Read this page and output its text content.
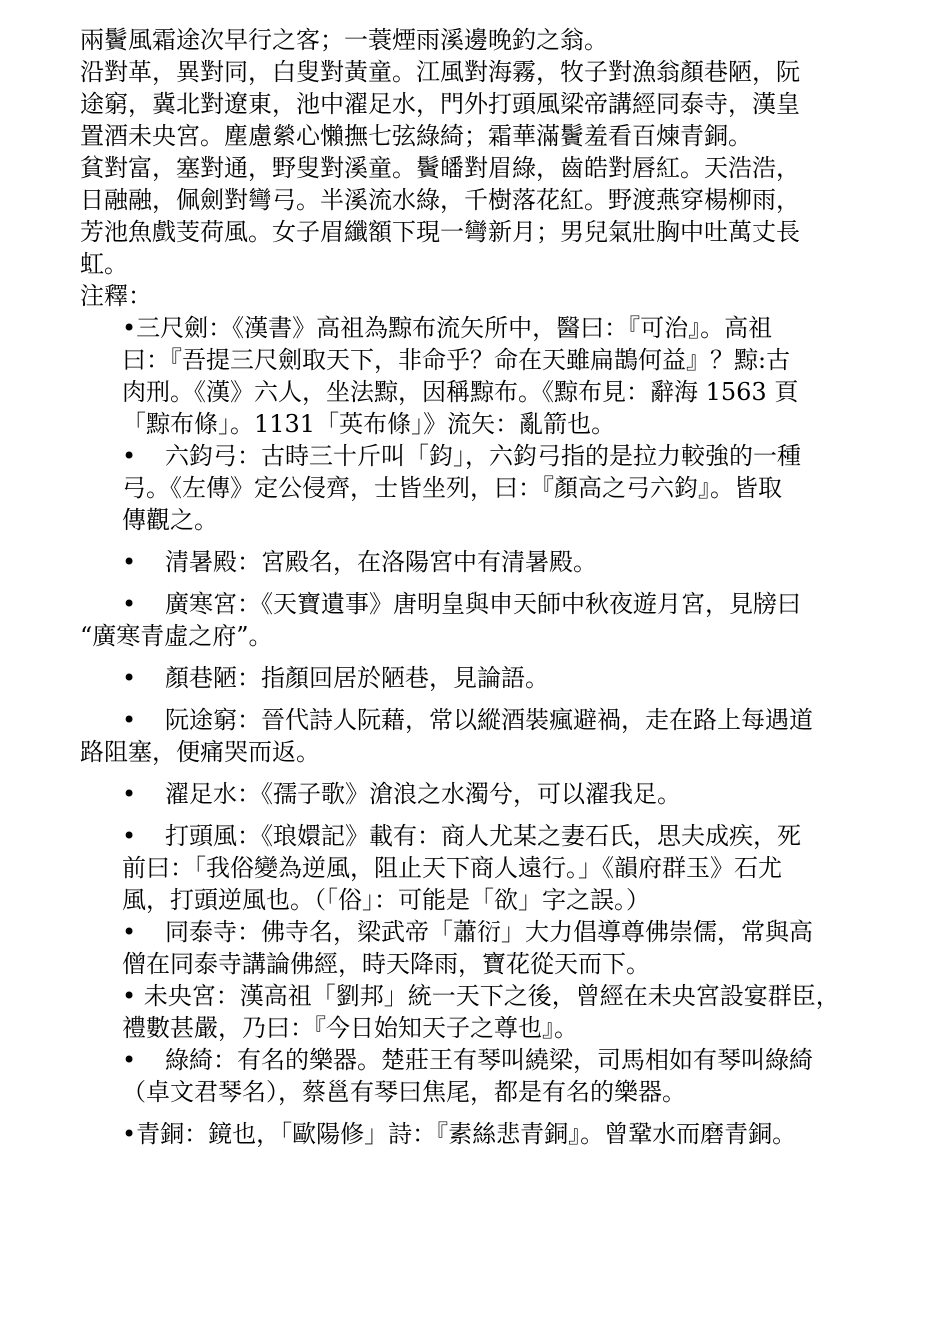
兩鬢風霜途次早行之客；一蓑煙雨溪邊晚釣之翁。
沿對革，異對同，白叟對黃童。江風對海霧，牧子對漁翁顏巷陋，阮
途窮，冀北對遼東，池中濯足水，門外打頭風梁帝講經同泰寺，漢皇
置酒未央宮。塵慮縈心懶撫七弦綠綺；霜華滿鬢羞看百煉青銅。
貧對富，塞對通，野叟對溪童。鬢皤對眉綠，齒皓對唇紅。天浩浩，
日融融，佩劍對彎弓。半溪流水綠，千樹落花紅。野渡燕穿楊柳雨，
芳池魚戲芰荷風。女子眉纖額下現一彎新月；男兒氣壯胸中吐萬丈長
虹。
注釋：
•三尺劍：《漢書》高祖為黥布流矢所中，醫曰：『可治』。高祖
曰：『吾提三尺劍取天下，非命乎？命在天雖扁鵲何益』？黥:古
肉刑。《漢》六人，坐法黥，因稱黥布。《黥布見：辭海 1563 頁
「黥布條」。1131「英布條」》流矢：亂箭也。
• 六鈞弓：古時三十斤叫「鈞」，六鈞弓指的是拉力較強的一種
弓。《左傳》定公侵齊，士皆坐列，曰：『顏高之弓六鈞』。皆取
傳觀之。
• 清暑殿：宮殿名，在洛陽宮中有清暑殿。
• 廣寒宮：《天寶遺事》唐明皇與申天師中秋夜遊月宮，見牓曰
“廣寒青虛之府”。
• 顏巷陋：指顏回居於陋巷，見論語。
• 阮途窮：晉代詩人阮藉，常以縱酒裝瘋避禍，走在路上每遇道
路阻塞，便痛哭而返。
• 濯足水：《孺子歌》滄浪之水濁兮，可以濯我足。
• 打頭風：《琅嬛記》載有：商人尤某之妻石氏，思夫成疾，死
前曰：「我俗變為逆風，阻止天下商人遠行。」《韻府群玉》石尤
風，打頭逆風也。（「俗」：可能是「欲」字之誤。）
• 同泰寺：佛寺名，梁武帝「蕭衍」大力倡導尊佛崇儒，常與高
僧在同泰寺講論佛經，時天降雨，寶花從天而下。
• 未央宮：漢高祖「劉邦」統一天下之後，曾經在未央宮設宴群臣，
禮數甚嚴，乃曰：『今日始知天子之尊也』。
• 綠綺：有名的樂器。楚莊王有琴叫繞梁，司馬相如有琴叫綠綺
（卓文君琴名），蔡邕有琴曰焦尾，都是有名的樂器。
•青銅：鏡也，「歐陽修」詩：『素絲悲青銅』。曾鞏水而磨青銅。
